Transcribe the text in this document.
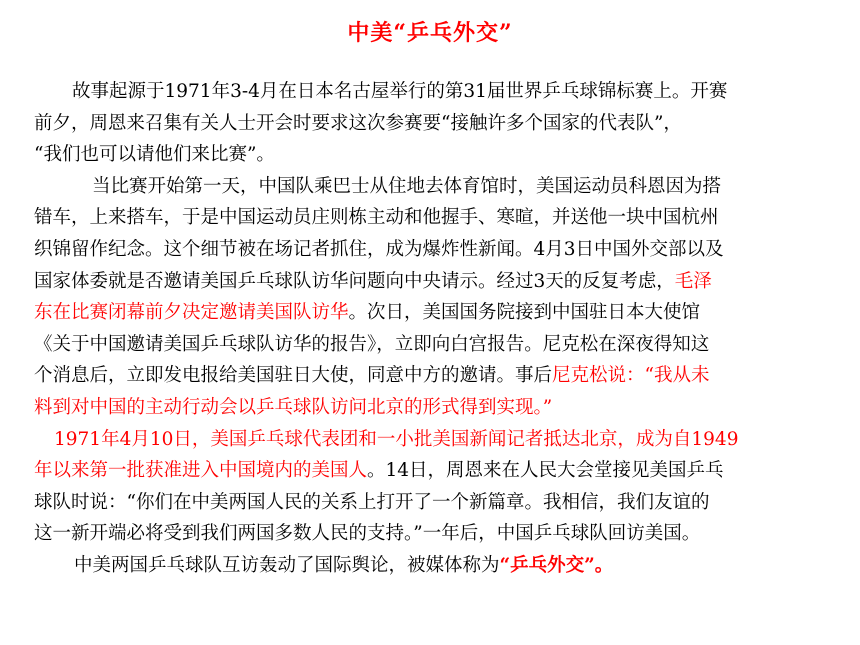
中美“乒乓外交”
故事起源于1971年3-4月在日本名古屋举行的第31届世界乒乓球锦标赛上。开赛
前夕，周恩来召集有关人士开会时要求这次参赛要“接触许多个国家的代表队”，
“我们也可以请他们来比赛”。
当比赛开始第一天，中国队乘巴士从住地去体育馆时，美国运动员科恩因为搭
错车，上来搭车，于是中国运动员庄则栋主动和他握手、寒暄，并送他一块中国杭州
织锦留作纪念。这个细节被在场记者抓住，成为爆炸性新闻。4月3日中国外交部以及
国家体委就是否邀请美国乒乓球队访华问题向中央请示。经过3天的反复考虑，毛泽
东在比赛闭幕前夕决定邀请美国队访华。次日，美国国务院接到中国驻日本大使馆
《关于中国邀请美国乒乓球队访华的报告》，立即向白宫报告。尼克松在深夜得知这
个消息后，立即发电报给美国驻日大使，同意中方的邀请。事后尼克松说：“我从未
料到对中国的主动行动会以乒乓球队访问北京的形式得到实现。”
1971年4月10日，美国乒乓球代表团和一小批美国新闻记者抵达北京，成为自1949
年以来第一批获准进入中国境内的美国人。14日，周恩来在人民大会堂接见美国乒乓
球队时说：“你们在中美两国人民的关系上打开了一个新篇章。我相信，我们友谊的
这一新开端必将受到我们两国多数人民的支持。”一年后，中国乒乓球队回访美国。
中美两国乒乓球队互访轰动了国际舆论，被媒体称为“乒乓外交”。
